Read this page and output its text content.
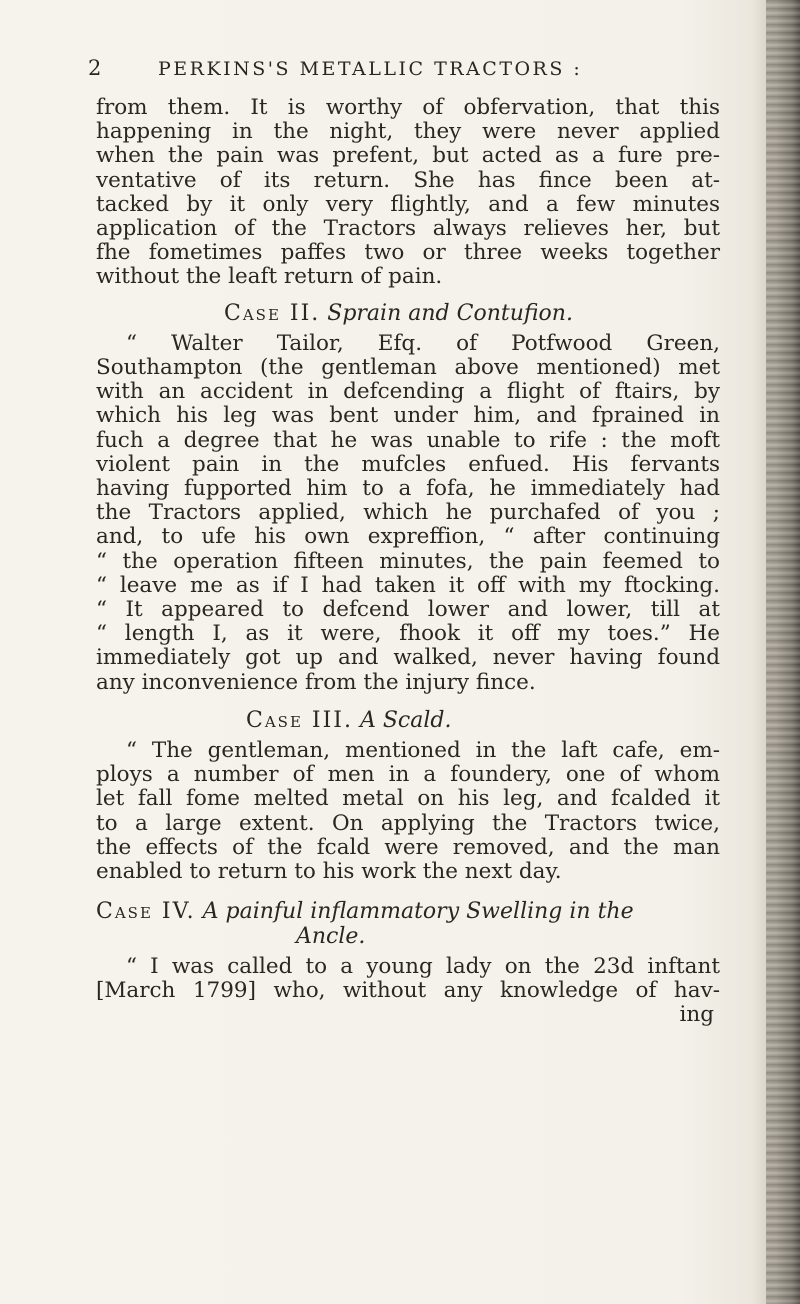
2	PERKINS'S METALLIC TRACTORS :

from them. It is worthy of obfervation, that this

happening in the night, they were never applied

when the pain was prefent, but acted as a fure pre-

ventative of its return. She has fince been at-

tacked by it only very flightly, and a few minutes

application of the Tractors always relieves her, but

fhe fometimes paffes two or three weeks together

without the leaft return of pain.

Case II. Sprain and Contufion.

“ Walter Tailor, Efq. of Potfwood Green,

Southampton (the gentleman above mentioned) met

with an accident in defcending a flight of ftairs, by

which his leg was bent under him, and fprained in

fuch a degree that he was unable to rife : the moft

violent pain in the mufcles enfued. His fervants

having fupported him to a fofa, he immediately had

the Tractors applied, which he purchafed of you ;

and, to ufe his own expreffion, “ after continuing

“ the operation fifteen minutes, the pain feemed to

“ leave me as if I had taken it off with my ftocking.

“ It appeared to defcend lower and lower, till at

“ length I, as it were, fhook it off my toes.” He

immediately got up and walked, never having found

any inconvenience from the injury fince.

Case III. A Scald.

“ The gentleman, mentioned in the laft cafe, em-

ploys a number of men in a foundery, one of whom

let fall fome melted metal on his leg, and fcalded it

to a large extent. On applying the Tractors twice,

the effects of the fcald were removed, and the man

enabled to return to his work the next day.

Case IV. A painful inflammatory Swelling in the
Ancle.

“ I was called to a young lady on the 23d inftant

[March 1799] who, without any knowledge of hav-

ing
